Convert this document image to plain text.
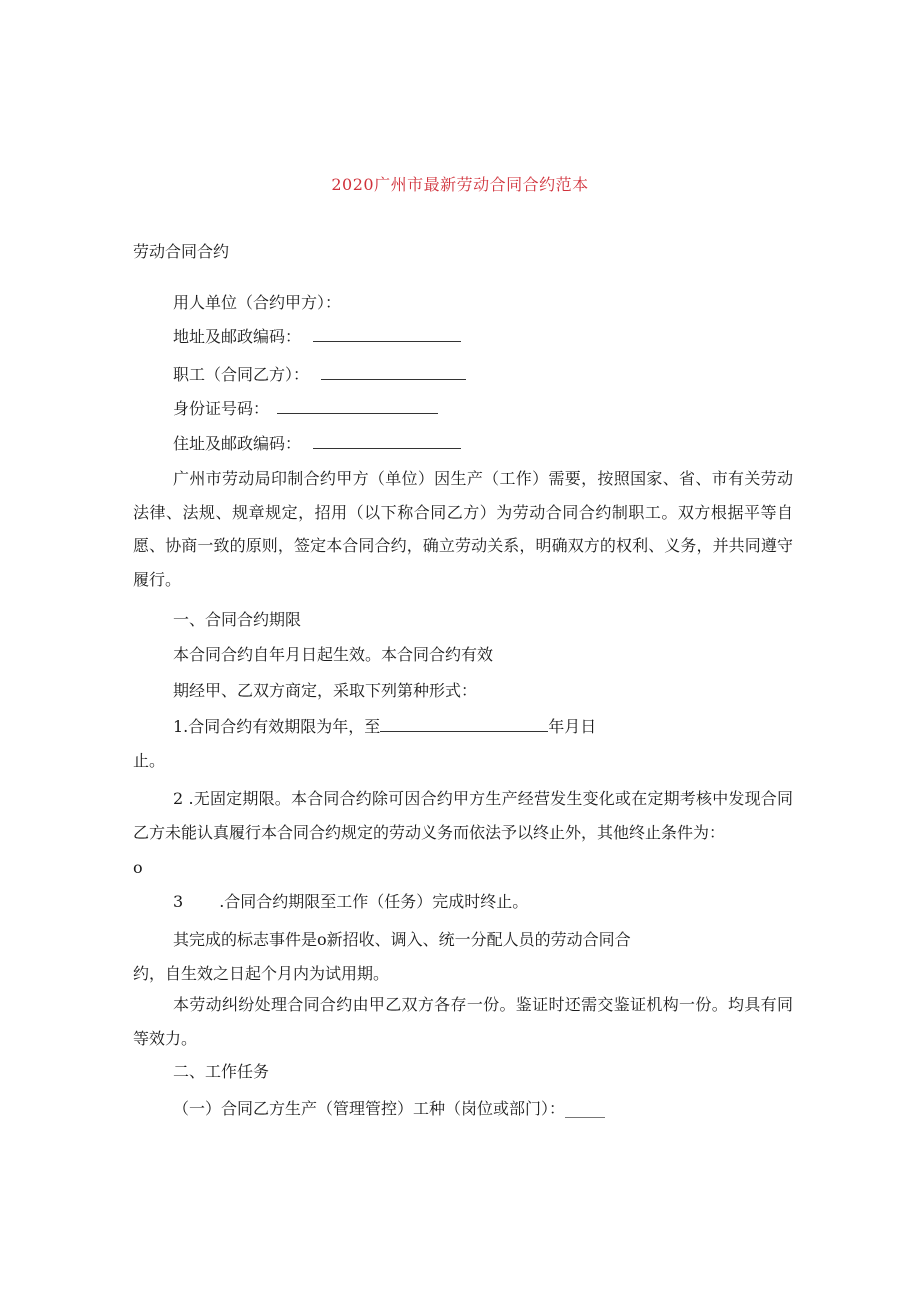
2020广州市最新劳动合同合约范本
劳动合同合约
用人单位（合约甲方）：
地址及邮政编码：
职工（合同乙方）：
身份证号码：
住址及邮政编码：
广州市劳动局印制合约甲方（单位）因生产（工作）需要，按照国家、省、市有关劳动法律、法规、规章规定，招用（以下称合同乙方）为劳动合同合约制职工。双方根据平等自愿、协商一致的原则，签定本合同合约，确立劳动关系，明确双方的权利、义务，并共同遵守履行。
一、合同合约期限
本合同合约自年月日起生效。本合同合约有效
期经甲、乙双方商定，采取下列第种形式：
1.合同合约有效期限为年，至	年月日
止。
2 .无固定期限。本合同合约除可因合约甲方生产经营发生变化或在定期考核中发现合同乙方未能认真履行本合同合约规定的劳动义务而依法予以终止外，其他终止条件为：
o
3 .合同合约期限至工作（任务）完成时终止。
其完成的标志事件是o新招收、调入、统一分配人员的劳动合同合
约，自生效之日起个月内为试用期。
本劳动纠纷处理合同合约由甲乙双方各存一份。鉴证时还需交鉴证机构一份。均具有同等效力。
二、工作任务
（一）合同乙方生产（管理管控）工种（岗位或部门）：_____
